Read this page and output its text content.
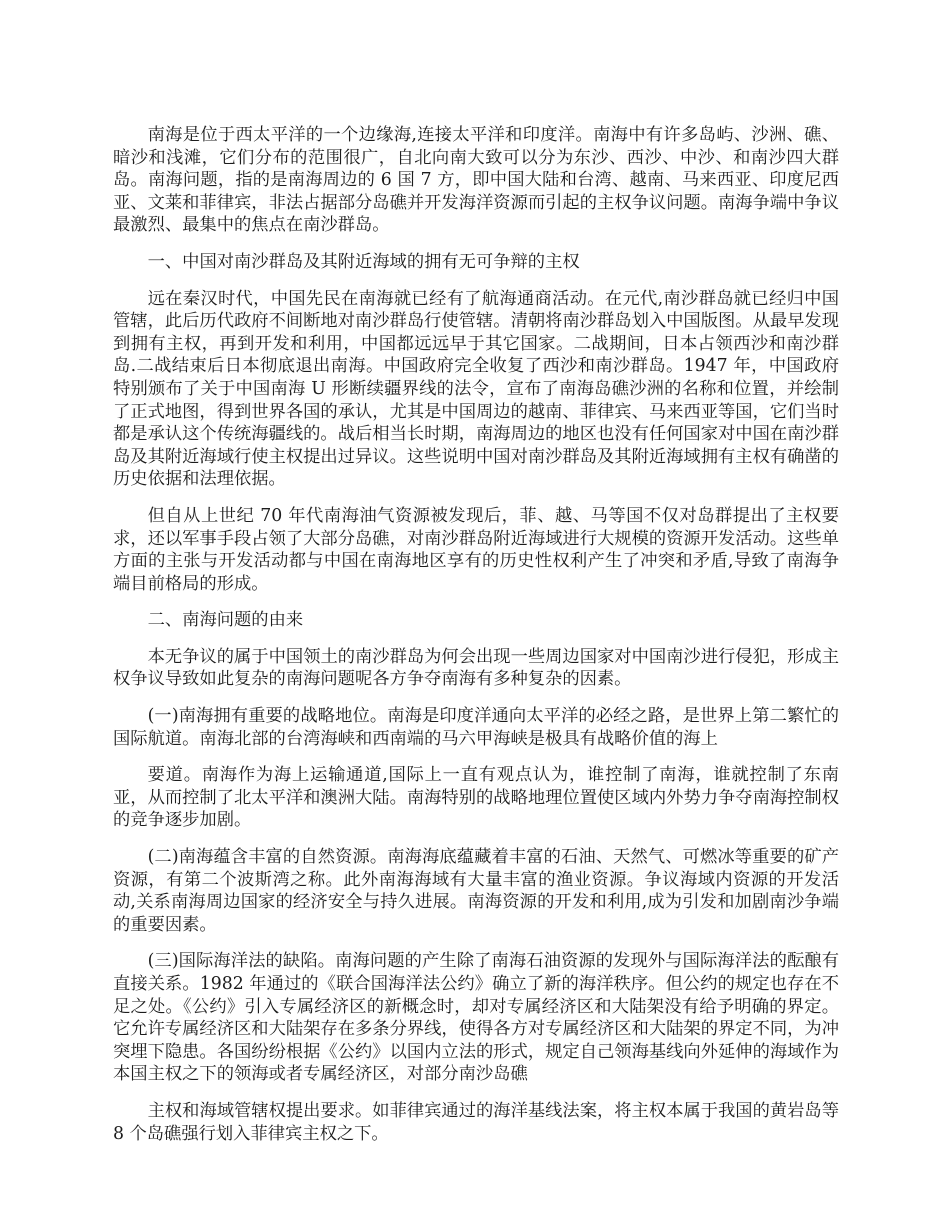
南海是位于西太平洋的一个边缘海,连接太平洋和印度洋。南海中有许多岛屿、沙洲、礁、暗沙和浅滩，它们分布的范围很广，自北向南大致可以分为东沙、西沙、中沙、和南沙四大群岛。南海问题，指的是南海周边的 6 国 7 方，即中国大陆和台湾、越南、马来西亚、印度尼西亚、文莱和菲律宾，非法占据部分岛礁并开发海洋资源而引起的主权争议问题。南海争端中争议最激烈、最集中的焦点在南沙群岛。

一、中国对南沙群岛及其附近海域的拥有无可争辩的主权

远在秦汉时代，中国先民在南海就已经有了航海通商活动。在元代,南沙群岛就已经归中国管辖，此后历代政府不间断地对南沙群岛行使管辖。清朝将南沙群岛划入中国版图。从最早发现到拥有主权，再到开发和利用，中国都远远早于其它国家。二战期间，日本占领西沙和南沙群岛.二战结束后日本彻底退出南海。中国政府完全收复了西沙和南沙群岛。1947 年，中国政府特别颁布了关于中国南海 U 形断续疆界线的法令，宣布了南海岛礁沙洲的名称和位置，并绘制了正式地图，得到世界各国的承认，尤其是中国周边的越南、菲律宾、马来西亚等国，它们当时都是承认这个传统海疆线的。战后相当长时期，南海周边的地区也没有任何国家对中国在南沙群岛及其附近海域行使主权提出过异议。这些说明中国对南沙群岛及其附近海域拥有主权有确凿的历史依据和法理依据。

但自从上世纪 70 年代南海油气资源被发现后，菲、越、马等国不仅对岛群提出了主权要求，还以军事手段占领了大部分岛礁，对南沙群岛附近海域进行大规模的资源开发活动。这些单方面的主张与开发活动都与中国在南海地区享有的历史性权利产生了冲突和矛盾,导致了南海争端目前格局的形成。

二、南海问题的由来

本无争议的属于中国领土的南沙群岛为何会出现一些周边国家对中国南沙进行侵犯，形成主权争议导致如此复杂的南海问题呢各方争夺南海有多种复杂的因素。

(一)南海拥有重要的战略地位。南海是印度洋通向太平洋的必经之路，是世界上第二繁忙的国际航道。南海北部的台湾海峡和西南端的马六甲海峡是极具有战略价值的海上

要道。南海作为海上运输通道,国际上一直有观点认为，谁控制了南海，谁就控制了东南亚，从而控制了北太平洋和澳洲大陆。南海特别的战略地理位置使区域内外势力争夺南海控制权的竞争逐步加剧。

(二)南海蕴含丰富的自然资源。南海海底蕴藏着丰富的石油、天然气、可燃冰等重要的矿产资源，有第二个波斯湾之称。此外南海海域有大量丰富的渔业资源。争议海域内资源的开发活动,关系南海周边国家的经济安全与持久进展。南海资源的开发和利用,成为引发和加剧南沙争端的重要因素。

(三)国际海洋法的缺陷。南海问题的产生除了南海石油资源的发现外与国际海洋法的酝酿有直接关系。1982 年通过的《联合国海洋法公约》确立了新的海洋秩序。但公约的规定也存在不足之处。《公约》引入专属经济区的新概念时，却对专属经济区和大陆架没有给予明确的界定。它允许专属经济区和大陆架存在多条分界线，使得各方对专属经济区和大陆架的界定不同，为冲突埋下隐患。各国纷纷根据《公约》以国内立法的形式，规定自己领海基线向外延伸的海域作为本国主权之下的领海或者专属经济区，对部分南沙岛礁

主权和海域管辖权提出要求。如菲律宾通过的海洋基线法案，将主权本属于我国的黄岩岛等 8 个岛礁强行划入菲律宾主权之下。
